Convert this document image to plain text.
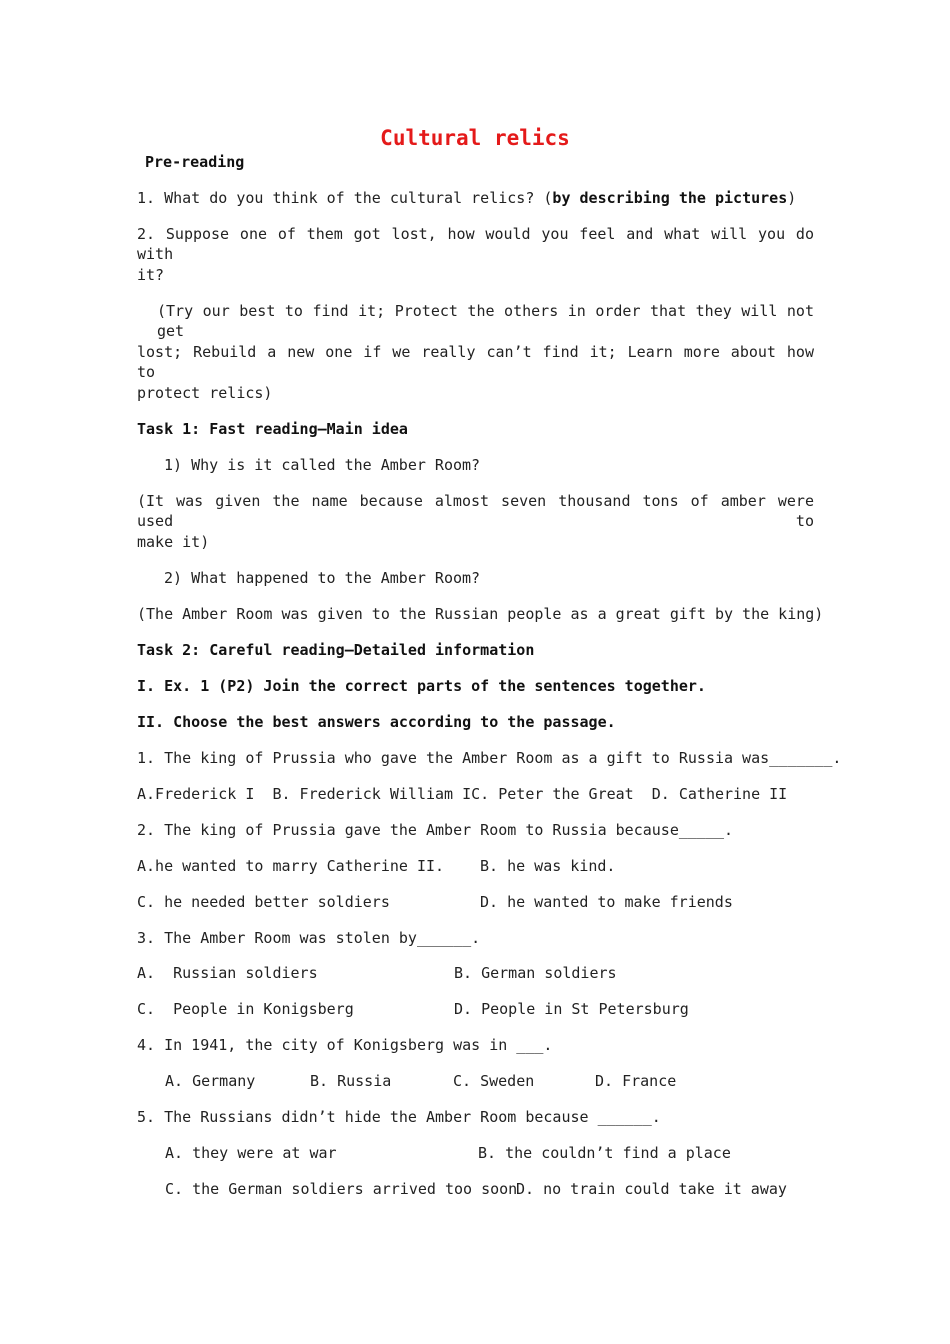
Cultural relics
Pre-reading
1. What do you think of the cultural relics? (by describing the pictures)
2. Suppose one of them got lost, how would you feel and what will you do with
it?
(Try our best to find it; Protect the others in order that they will not get
lost; Rebuild a new one if we really can’t find it; Learn more about how to
protect relics)
Task 1: Fast reading—Main idea
1) Why is it called the Amber Room?
(It was given the name because almost seven thousand tons of amber were used to
make it)
2) What happened to the Amber Room?
(The Amber Room was given to the Russian people as a great gift by the king)
Task 2: Careful reading—Detailed information
I. Ex. 1 (P2) Join the correct parts of the sentences together.
II. Choose the best answers according to the passage.
1. The king of Prussia who gave the Amber Room as a gift to Russia was_______.
A.Frederick I  B. Frederick William IC. Peter the Great  D. Catherine II
2. The king of Prussia gave the Amber Room to Russia because_____.
A.he wanted to marry Catherine II. B. he was kind.
C. he needed better soldiers	D. he wanted to make friends
3. The Amber Room was stolen by______.
A.  Russian soldiers	B. German soldiers
C.  People in Konigsberg	D. People in St Petersburg
4. In 1941, the city of Konigsberg was in ___.
A. Germany	B. Russia	C. Sweden	D. France
5. The Russians didn’t hide the Amber Room because ______.
A. they were at war	B. the couldn’t find a place
C. the German soldiers arrived too soon
D. no train could take it away
